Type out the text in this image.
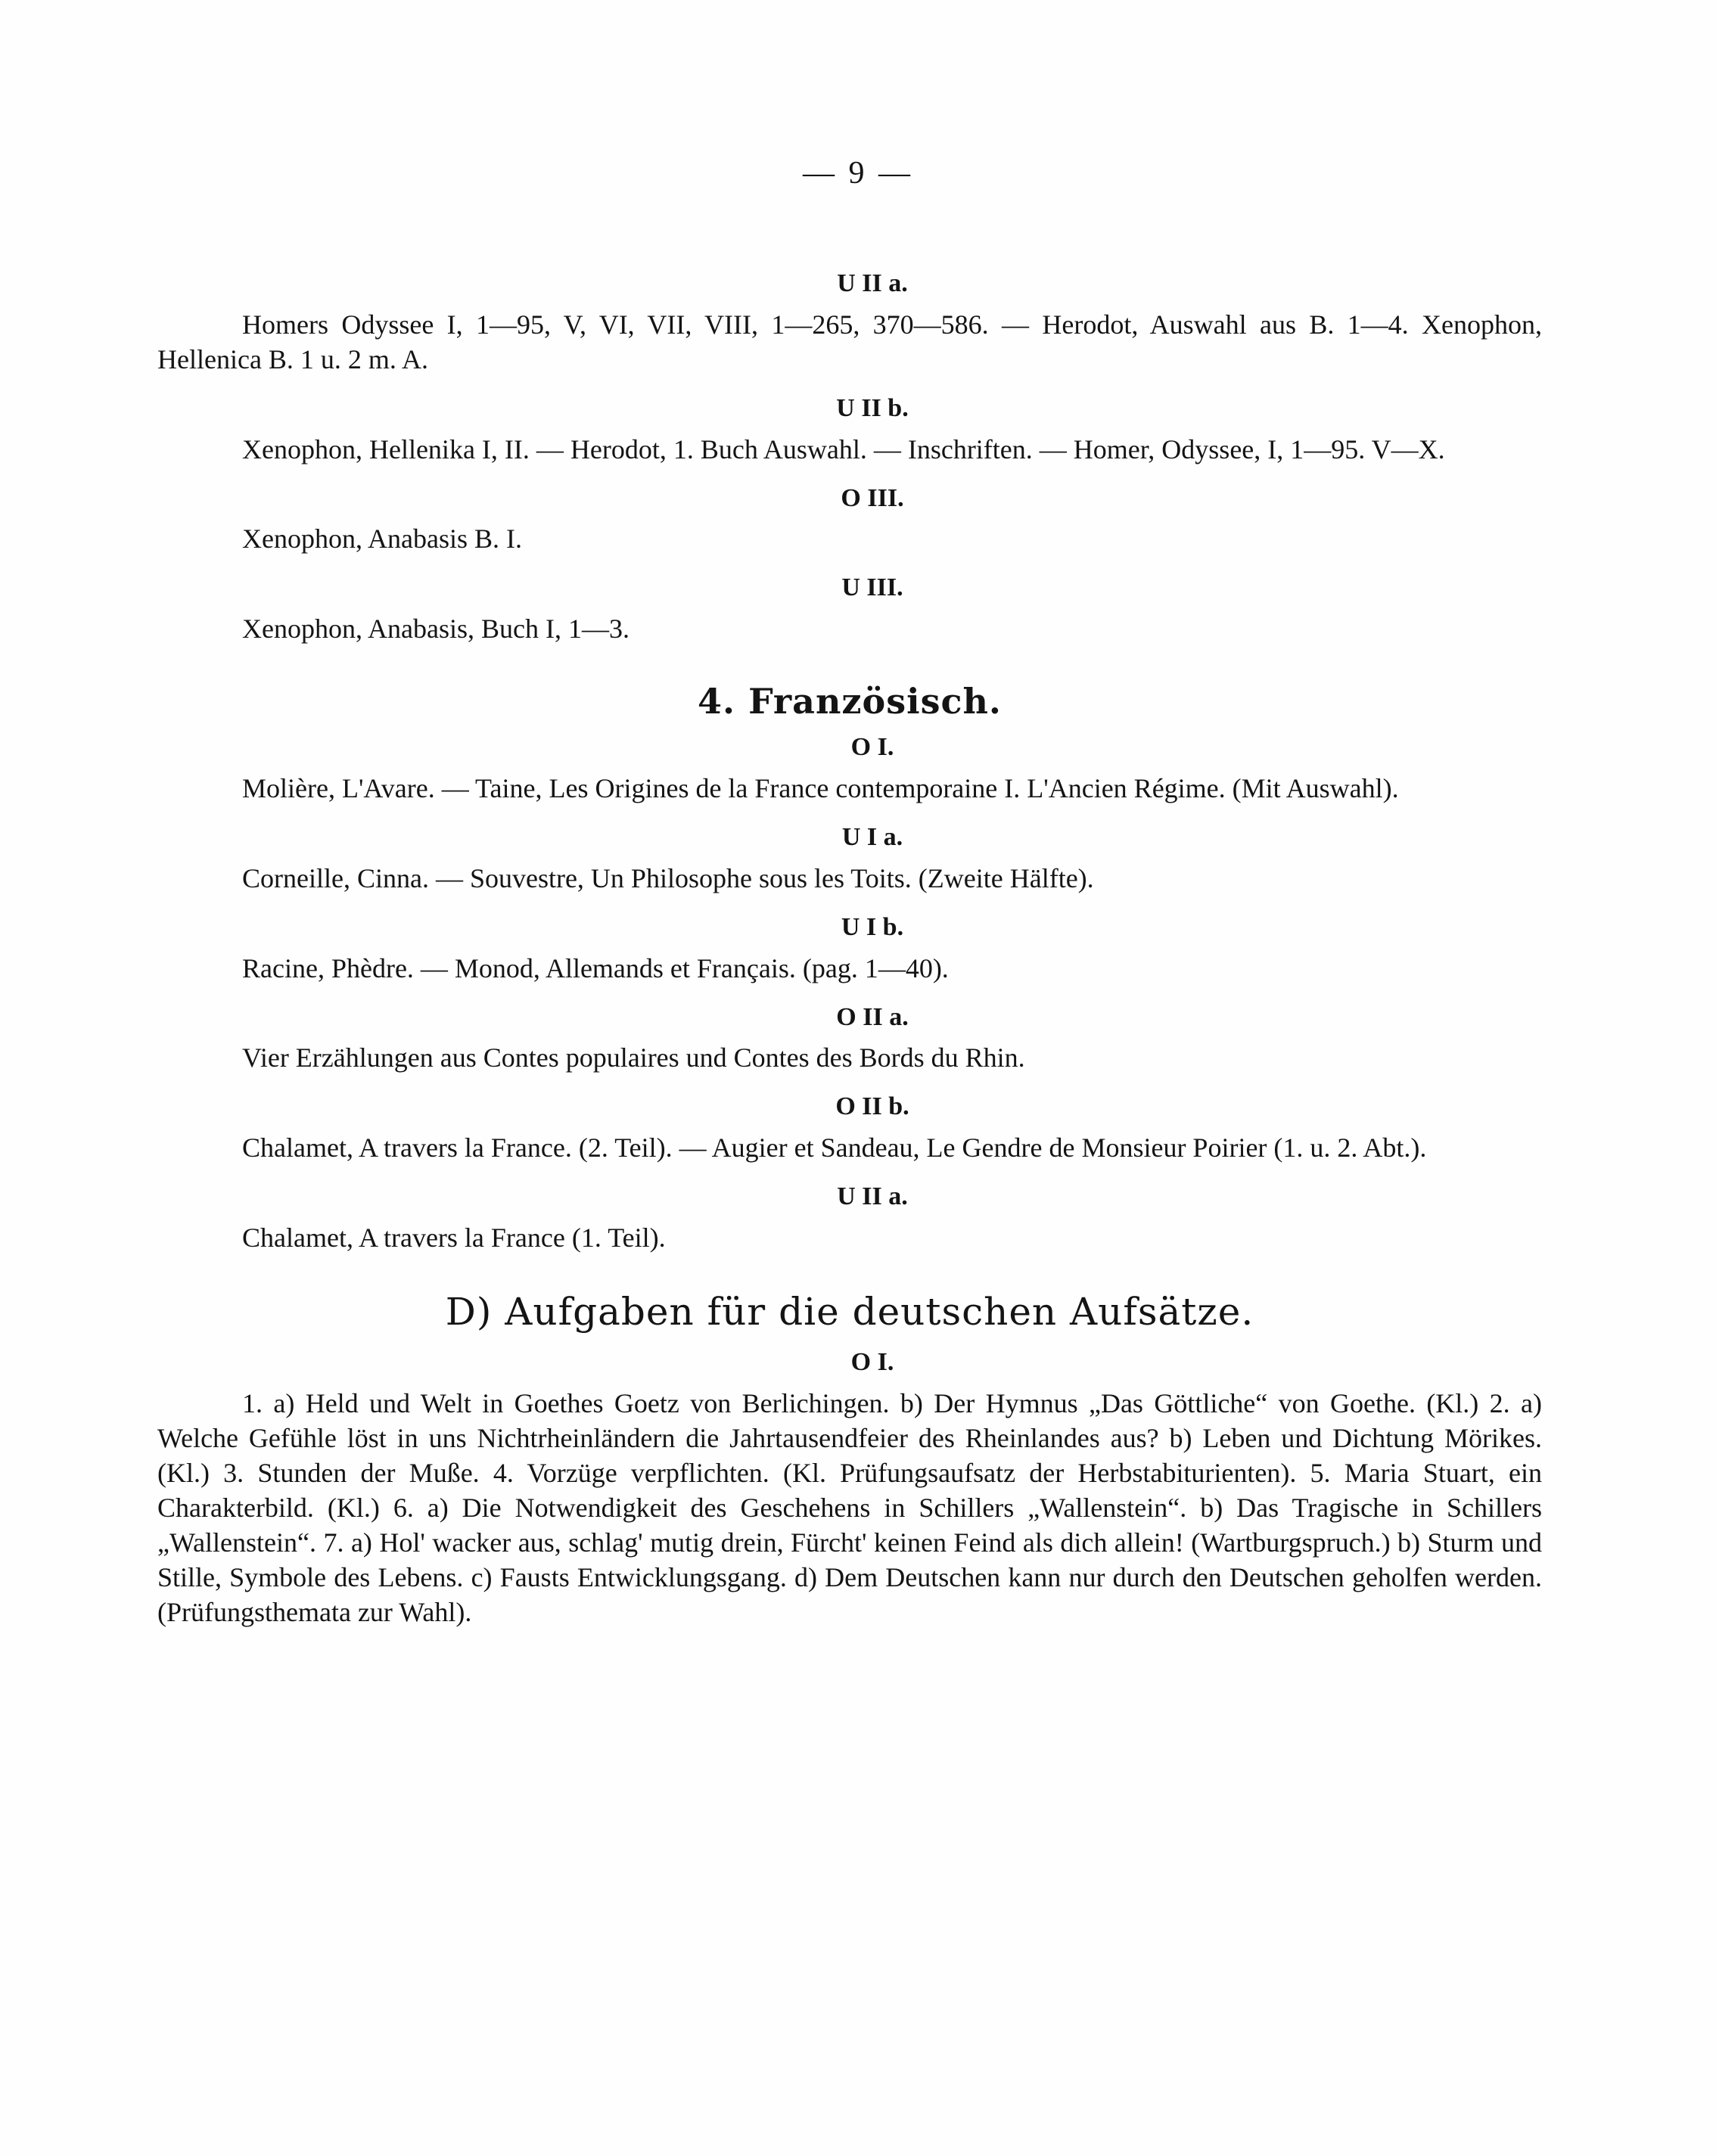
— 9 —

U II a.

Homers Odyssee I, 1—95, V, VI, VII, VIII, 1—265, 370—586. — Herodot, Auswahl aus B. 1—4. Xenophon, Hellenica B. 1 u. 2 m. A.

U II b.

Xenophon, Hellenika I, II. — Herodot, 1. Buch Auswahl. — Inschriften. — Homer, Odyssee, I, 1—95. V—X.

O III.

Xenophon, Anabasis B. I.

U III.

Xenophon, Anabasis, Buch I, 1—3.

4. Französisch.

O I.

Molière, L'Avare. — Taine, Les Origines de la France contemporaine I. L'Ancien Régime. (Mit Auswahl).

U I a.

Corneille, Cinna. — Souvestre, Un Philosophe sous les Toits. (Zweite Hälfte).

U I b.

Racine, Phèdre. — Monod, Allemands et Français. (pag. 1—40).

O II a.

Vier Erzählungen aus Contes populaires und Contes des Bords du Rhin.

O II b.

Chalamet, A travers la France. (2. Teil). — Augier et Sandeau, Le Gendre de Monsieur Poirier (1. u. 2. Abt.).

U II a.

Chalamet, A travers la France (1. Teil).

D) Aufgaben für die deutschen Aufsätze.

O I.

1. a) Held und Welt in Goethes Goetz von Berlichingen. b) Der Hymnus „Das Göttliche“ von Goethe. (Kl.) 2. a) Welche Gefühle löst in uns Nichtrheinländern die Jahrtausendfeier des Rheinlandes aus? b) Leben und Dichtung Mörikes. (Kl.) 3. Stunden der Muße. 4. Vorzüge verpflichten. (Kl. Prüfungsaufsatz der Herbstabiturienten). 5. Maria Stuart, ein Charakterbild. (Kl.) 6. a) Die Notwendigkeit des Geschehens in Schillers „Wallenstein“. b) Das Tragische in Schillers „Wallenstein“. 7. a) Hol' wacker aus, schlag' mutig drein, Fürcht' keinen Feind als dich allein! (Wartburgspruch.) b) Sturm und Stille, Symbole des Lebens. c) Fausts Entwicklungsgang. d) Dem Deutschen kann nur durch den Deutschen geholfen werden. (Prüfungsthemata zur Wahl).
